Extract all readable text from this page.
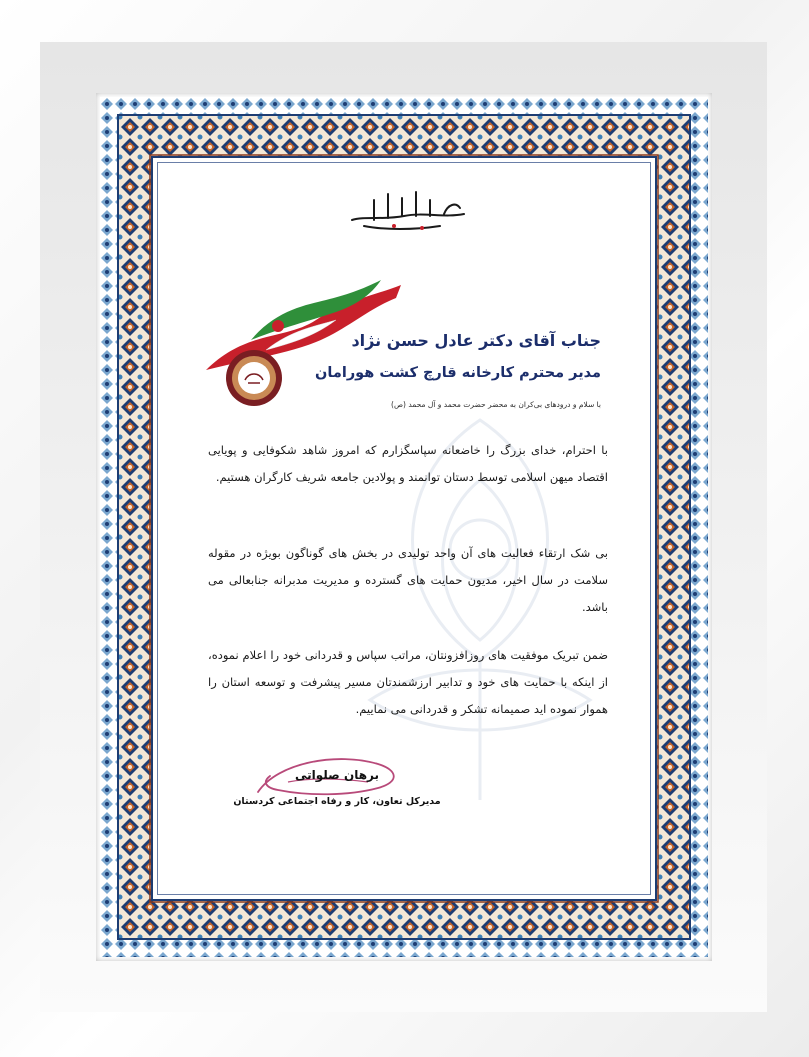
جناب آقای دکتر عادل حسن نژاد
مدیر محترم کارخانه قارچ کشت هورامان
با سلام و درودهای بی‌کران به محضر حضرت محمد و آل محمد (ص)
با احترام، خدای بزرگ را خاضعانه سپاسگزارم که امروز شاهد شکوفایی و پویایی اقتصاد میهن اسلامی توسط دستان توانمند و پولادین جامعه شریف کارگران هستیم.
بی شک ارتقاء فعالیت های آن واحد تولیدی در بخش های گوناگون بویژه در مقوله سلامت در سال اخیر، مدیون حمایت های گسترده و مدیریت مدبرانه جنابعالی می باشد.
ضمن تبریک موفقیت های روزافزونتان، مراتب سپاس و قدردانی خود را اعلام نموده، از اینکه با حمایت های خود و تدابیر ارزشمندتان مسیر پیشرفت و توسعه استان را هموار نموده اید صمیمانه تشکر و قدردانی می نماییم.
برهان صلواتی
مدیرکل تعاون، کار و رفاه اجتماعی کردستان
